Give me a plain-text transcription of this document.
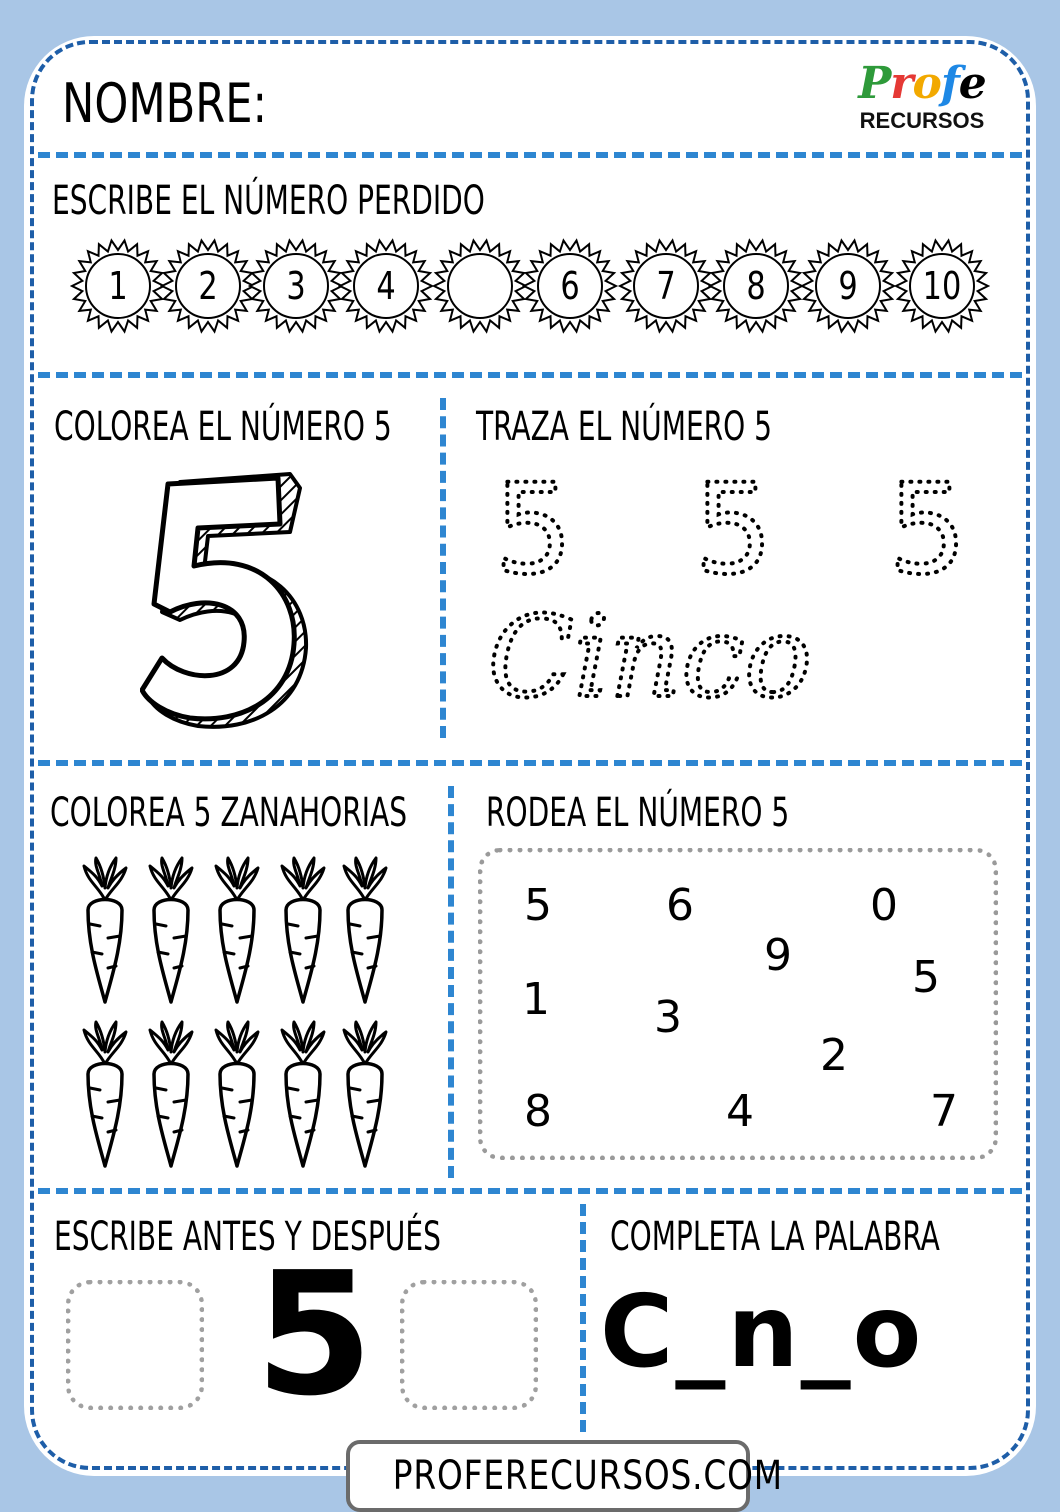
NOMBRE:	Profe
RECURSOS
ESCRIBE EL NÚMERO PERDIDO
1	2	3	4	6	7	8	9	10
COLOREA EL NÚMERO 5
5
TRAZA EL NÚMERO 5
5 5 5
Cinco
COLOREA 5 ZANAHORIAS RODEA EL NÚMERO 5
5	6	0
9	5
1 3
2
8	4	7
ESCRIBE ANTES Y DESPUÉS
5	COMPLETA LA PALABRA
C_n_o
PROFERECURSOS.COM
